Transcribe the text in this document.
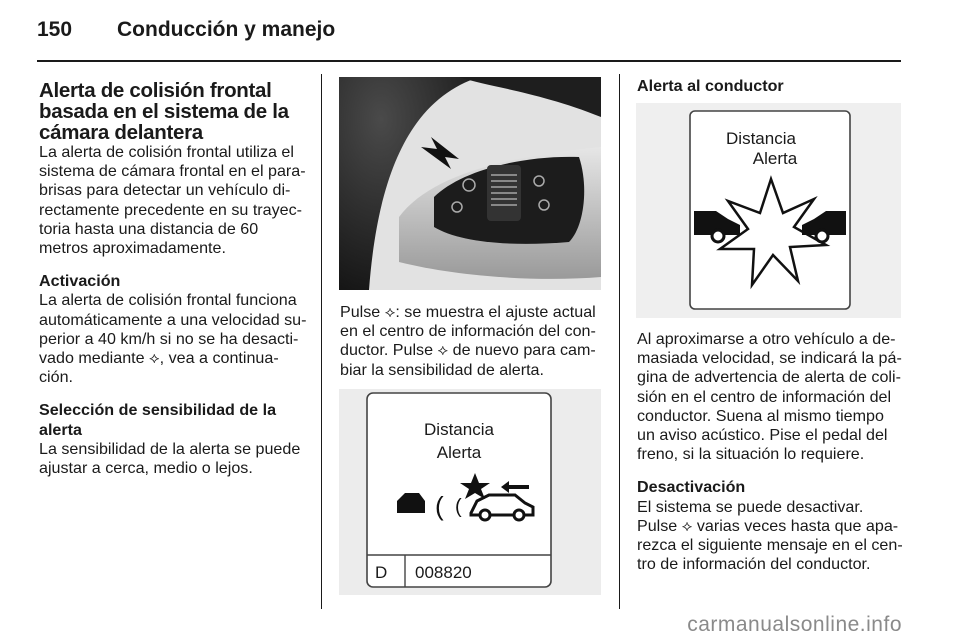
150 Conducción y manejo

Alerta de colisión frontal basada en el sistema de la cámara delantera

La alerta de colisión frontal utiliza el sistema de cámara frontal en el para-brisas para detectar un vehículo di-rectamente precedente en su trayec-toria hasta una distancia de 60 metros aproximadamente.

Activación

La alerta de colisión frontal funciona automáticamente a una velocidad su-perior a 40 km/h si no se ha desacti-vado mediante ⟡, vea a continua-ción.

Selección de sensibilidad de la alerta

La sensibilidad de la alerta se puede ajustar a cerca, medio o lejos.

Pulse ⟡: se muestra el ajuste actual en el centro de información del con-ductor. Pulse ⟡ de nuevo para cam-biar la sensibilidad de alerta.

( (
Distancia
Alerta
D 008820
Alerta al conductor
Distancia
Alerta

Al aproximarse a otro vehículo a de-masiada velocidad, se indicará la pá-gina de advertencia de alerta de coli-sión en el centro de información del conductor. Suena al mismo tiempo un aviso acústico. Pise el pedal del freno, si la situación lo requiere.

Desactivación

El sistema se puede desactivar. Pulse ⟡ varias veces hasta que apa-rezca el siguiente mensaje en el cen-tro de información del conductor.

carmanualsonline.info
